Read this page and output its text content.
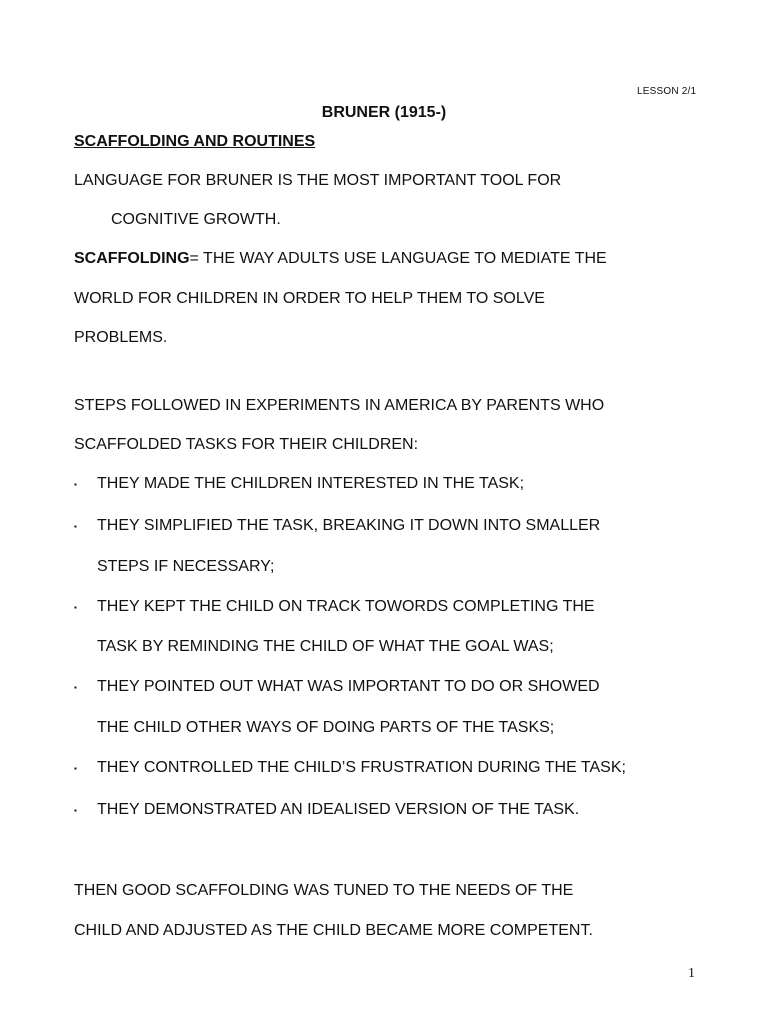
LESSON 2/1
BRUNER (1915-)
SCAFFOLDING AND ROUTINES
LANGUAGE FOR BRUNER IS THE MOST IMPORTANT TOOL FOR
COGNITIVE GROWTH.
SCAFFOLDING= THE WAY ADULTS USE LANGUAGE TO MEDIATE THE
WORLD FOR CHILDREN IN ORDER TO HELP THEM TO SOLVE
PROBLEMS.
STEPS FOLLOWED IN EXPERIMENTS IN AMERICA BY PARENTS WHO
SCAFFOLDED TASKS FOR THEIR CHILDREN:
▪ THEY MADE THE CHILDREN INTERESTED IN THE TASK;
▪ THEY SIMPLIFIED THE TASK, BREAKING IT DOWN INTO SMALLER
STEPS IF NECESSARY;
▪ THEY KEPT THE CHILD ON TRACK TOWORDS COMPLETING THE
TASK BY REMINDING THE CHILD OF WHAT THE GOAL WAS;
▪ THEY POINTED OUT WHAT WAS IMPORTANT TO DO OR SHOWED
THE CHILD OTHER WAYS OF DOING PARTS OF THE TASKS;
▪ THEY CONTROLLED THE CHILD’S FRUSTRATION DURING THE TASK;
▪ THEY DEMONSTRATED AN IDEALISED VERSION OF THE TASK.
THEN GOOD SCAFFOLDING WAS TUNED TO THE NEEDS OF THE
CHILD AND ADJUSTED AS THE CHILD BECAME MORE COMPETENT.
1
